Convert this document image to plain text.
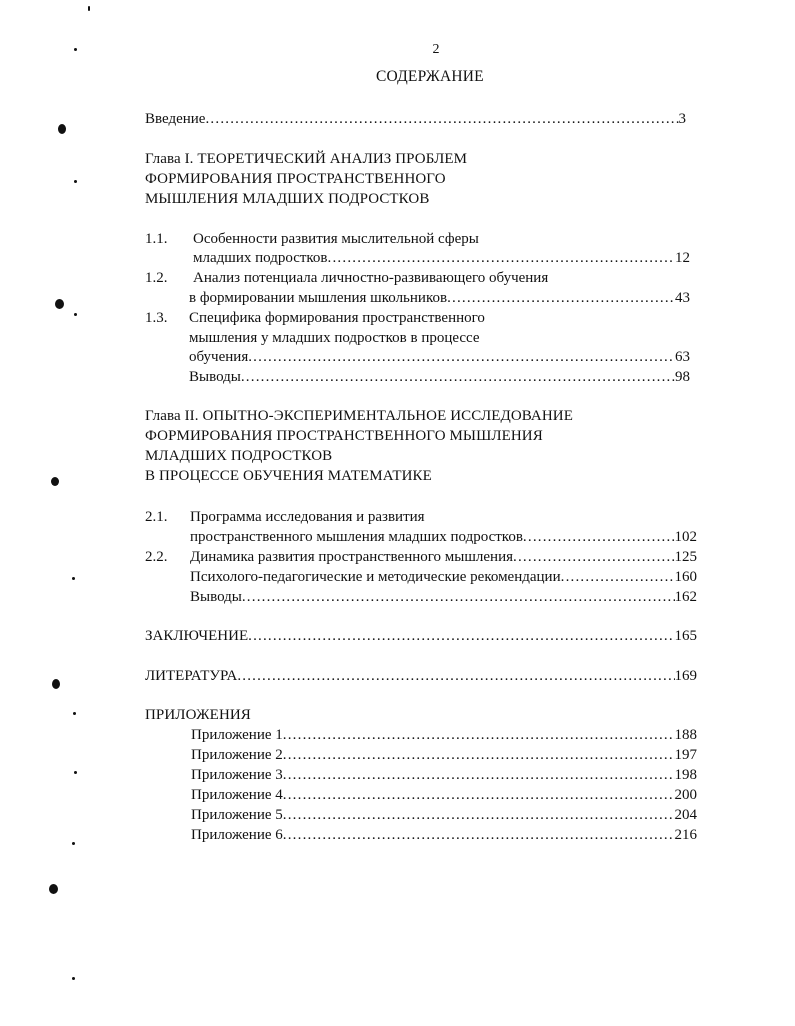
2
СОДЕРЖАНИЕ
Введение .....	3
Глава I. ТЕОРЕТИЧЕСКИЙ АНАЛИЗ ПРОБЛЕМ
ФОРМИРОВАНИЯ ПРОСТРАНСТВЕННОГО
МЫШЛЕНИЯ МЛАДШИХ ПОДРОСТКОВ
1.1. Особенности развития мыслительной сферы
младших подростков .....	12
1.2. Анализ потенциала личностно-развивающего обучения
в формировании мышления школьников .....	43
1.3. Специфика формирования пространственного
мышления у младших подростков в процессе
обучения .....	63
Выводы .....	98
Глава II. ОПЫТНО-ЭКСПЕРИМЕНТАЛЬНОЕ ИССЛЕДОВАНИЕ
ФОРМИРОВАНИЯ ПРОСТРАНСТВЕННОГО МЫШЛЕНИЯ
МЛАДШИХ ПОДРОСТКОВ
В ПРОЦЕССЕ ОБУЧЕНИЯ МАТЕМАТИКЕ
2.1. Программа исследования и развития
пространственного мышления младших подростков .....	102
2.2. Динамика развития пространственного мышления .....	125
Психолого-педагогические и методические рекомендации .....	160
Выводы .....	162
ЗАКЛЮЧЕНИЕ .....	165
ЛИТЕРАТУРА .....	169
ПРИЛОЖЕНИЯ
Приложение 1 .....	188
Приложение 2 .....	197
Приложение 3 .....	198
Приложение 4 .....	200
Приложение 5 .....	204
Приложение 6 .....	216
